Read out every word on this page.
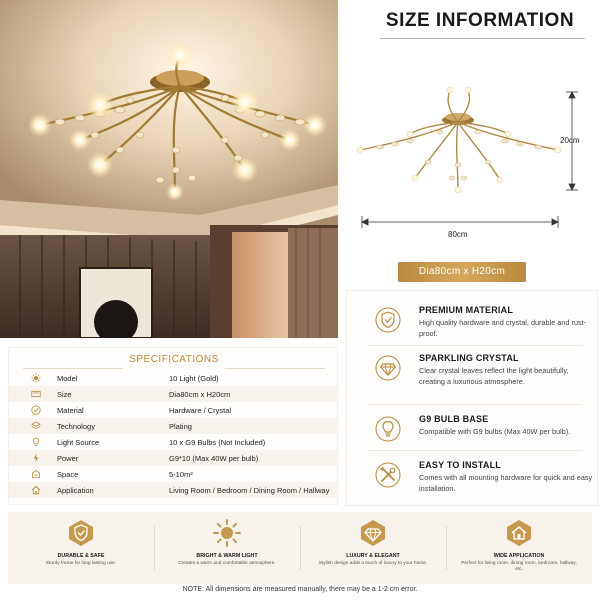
SIZE INFORMATION
20cm
80cm
Dia80cm x H20cm
PREMIUM MATERIAL
High quality hardware and crystal, durable and rust-proof.
SPARKLING CRYSTAL
Clear crystal leaves reflect the light beautifully, creating a luxurious atmosphere.
G9 BULB BASE
Compatible with G9 bulbs (Max 40W per bulb).
EASY TO INSTALL
Comes with all mounting hardware for quick and easy installation.
SPECIFICATIONS
Model	10 Light (Gold)
Size	Dia80cm x H20cm
Material	Hardware / Crystal
Technology	Plating
Light Source	10 x G9 Bulbs (Not Included)
Power	G9*10 (Max 40W per bulb)
Space	5-10m²
Application	Living Room / Bedroom / Dining Room / Hallway
DURABLE & SAFE
Sturdy frame for long lasting use.
BRIGHT & WARM LIGHT
Creates a warm and comfortable atmosphere.
LUXURY & ELEGANT
Stylish design adds a touch of luxury to your home.
WIDE APPLICATION
Perfect for living room, dining room, bedroom, hallway, etc.
NOTE: All dimensions are measured manually, there may be a 1-2 cm error.
